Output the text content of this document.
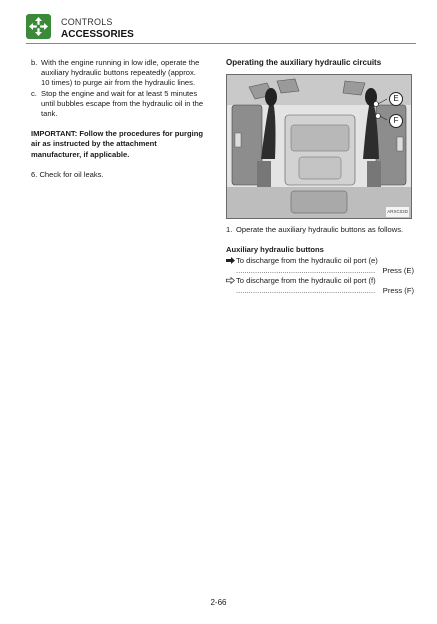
CONTROLS
ACCESSORIES

b. With the engine running in low idle, operate the auxiliary hydraulic buttons repeatedly (approx. 10 times) to purge air from the hydraulic lines.

c. Stop the engine and wait for at least 5 minutes until bubbles escape from the hydraulic oil in the tank.

IMPORTANT: Follow the procedures for purging air as instructed by the attachment manufacturer, if applicable.

6. Check for oil leaks.

Operating the auxiliary hydraulic circuits
E
F
ARXC02D

1. Operate the auxiliary hydraulic buttons as follows.

Auxiliary hydraulic buttons
To discharge from the hydraulic oil port (e)
.................................................................. Press (E)
To discharge from the hydraulic oil port (f)
.................................................................. Press (F)
2-66
